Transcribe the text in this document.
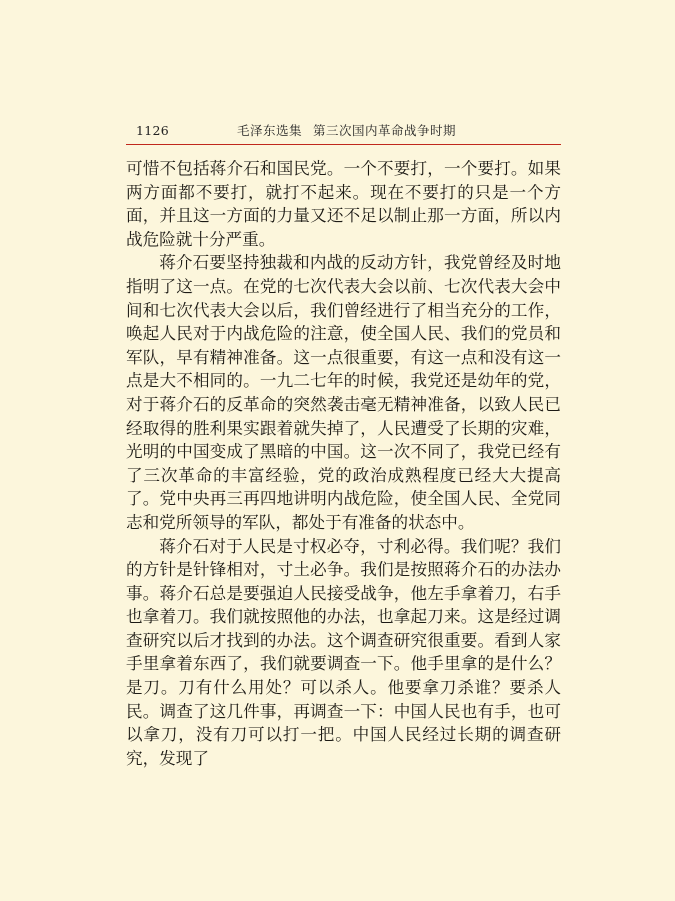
1126	毛泽东选集 第三次国内革命战争时期

可惜不包括蒋介石和国民党。一个不要打，一个要打。如果两方面都不要打，就打不起来。现在不要打的只是一个方面，并且这一方面的力量又还不足以制止那一方面，所以内战危险就十分严重。

蒋介石要坚持独裁和内战的反动方针，我党曾经及时地指明了这一点。在党的七次代表大会以前、七次代表大会中间和七次代表大会以后，我们曾经进行了相当充分的工作，唤起人民对于内战危险的注意，使全国人民、我们的党员和军队，早有精神准备。这一点很重要，有这一点和没有这一点是大不相同的。一九二七年的时候，我党还是幼年的党，对于蒋介石的反革命的突然袭击毫无精神准备，以致人民已经取得的胜利果实跟着就失掉了，人民遭受了长期的灾难，光明的中国变成了黑暗的中国。这一次不同了，我党已经有了三次革命的丰富经验，党的政治成熟程度已经大大提高了。党中央再三再四地讲明内战危险，使全国人民、全党同志和党所领导的军队，都处于有准备的状态中。

蒋介石对于人民是寸权必夺，寸利必得。我们呢？我们的方针是针锋相对，寸土必争。我们是按照蒋介石的办法办事。蒋介石总是要强迫人民接受战争，他左手拿着刀，右手也拿着刀。我们就按照他的办法，也拿起刀来。这是经过调查研究以后才找到的办法。这个调查研究很重要。看到人家手里拿着东西了，我们就要调查一下。他手里拿的是什么？是刀。刀有什么用处？可以杀人。他要拿刀杀谁？要杀人民。调查了这几件事，再调查一下：中国人民也有手，也可以拿刀，没有刀可以打一把。中国人民经过长期的调查研究，发现了
